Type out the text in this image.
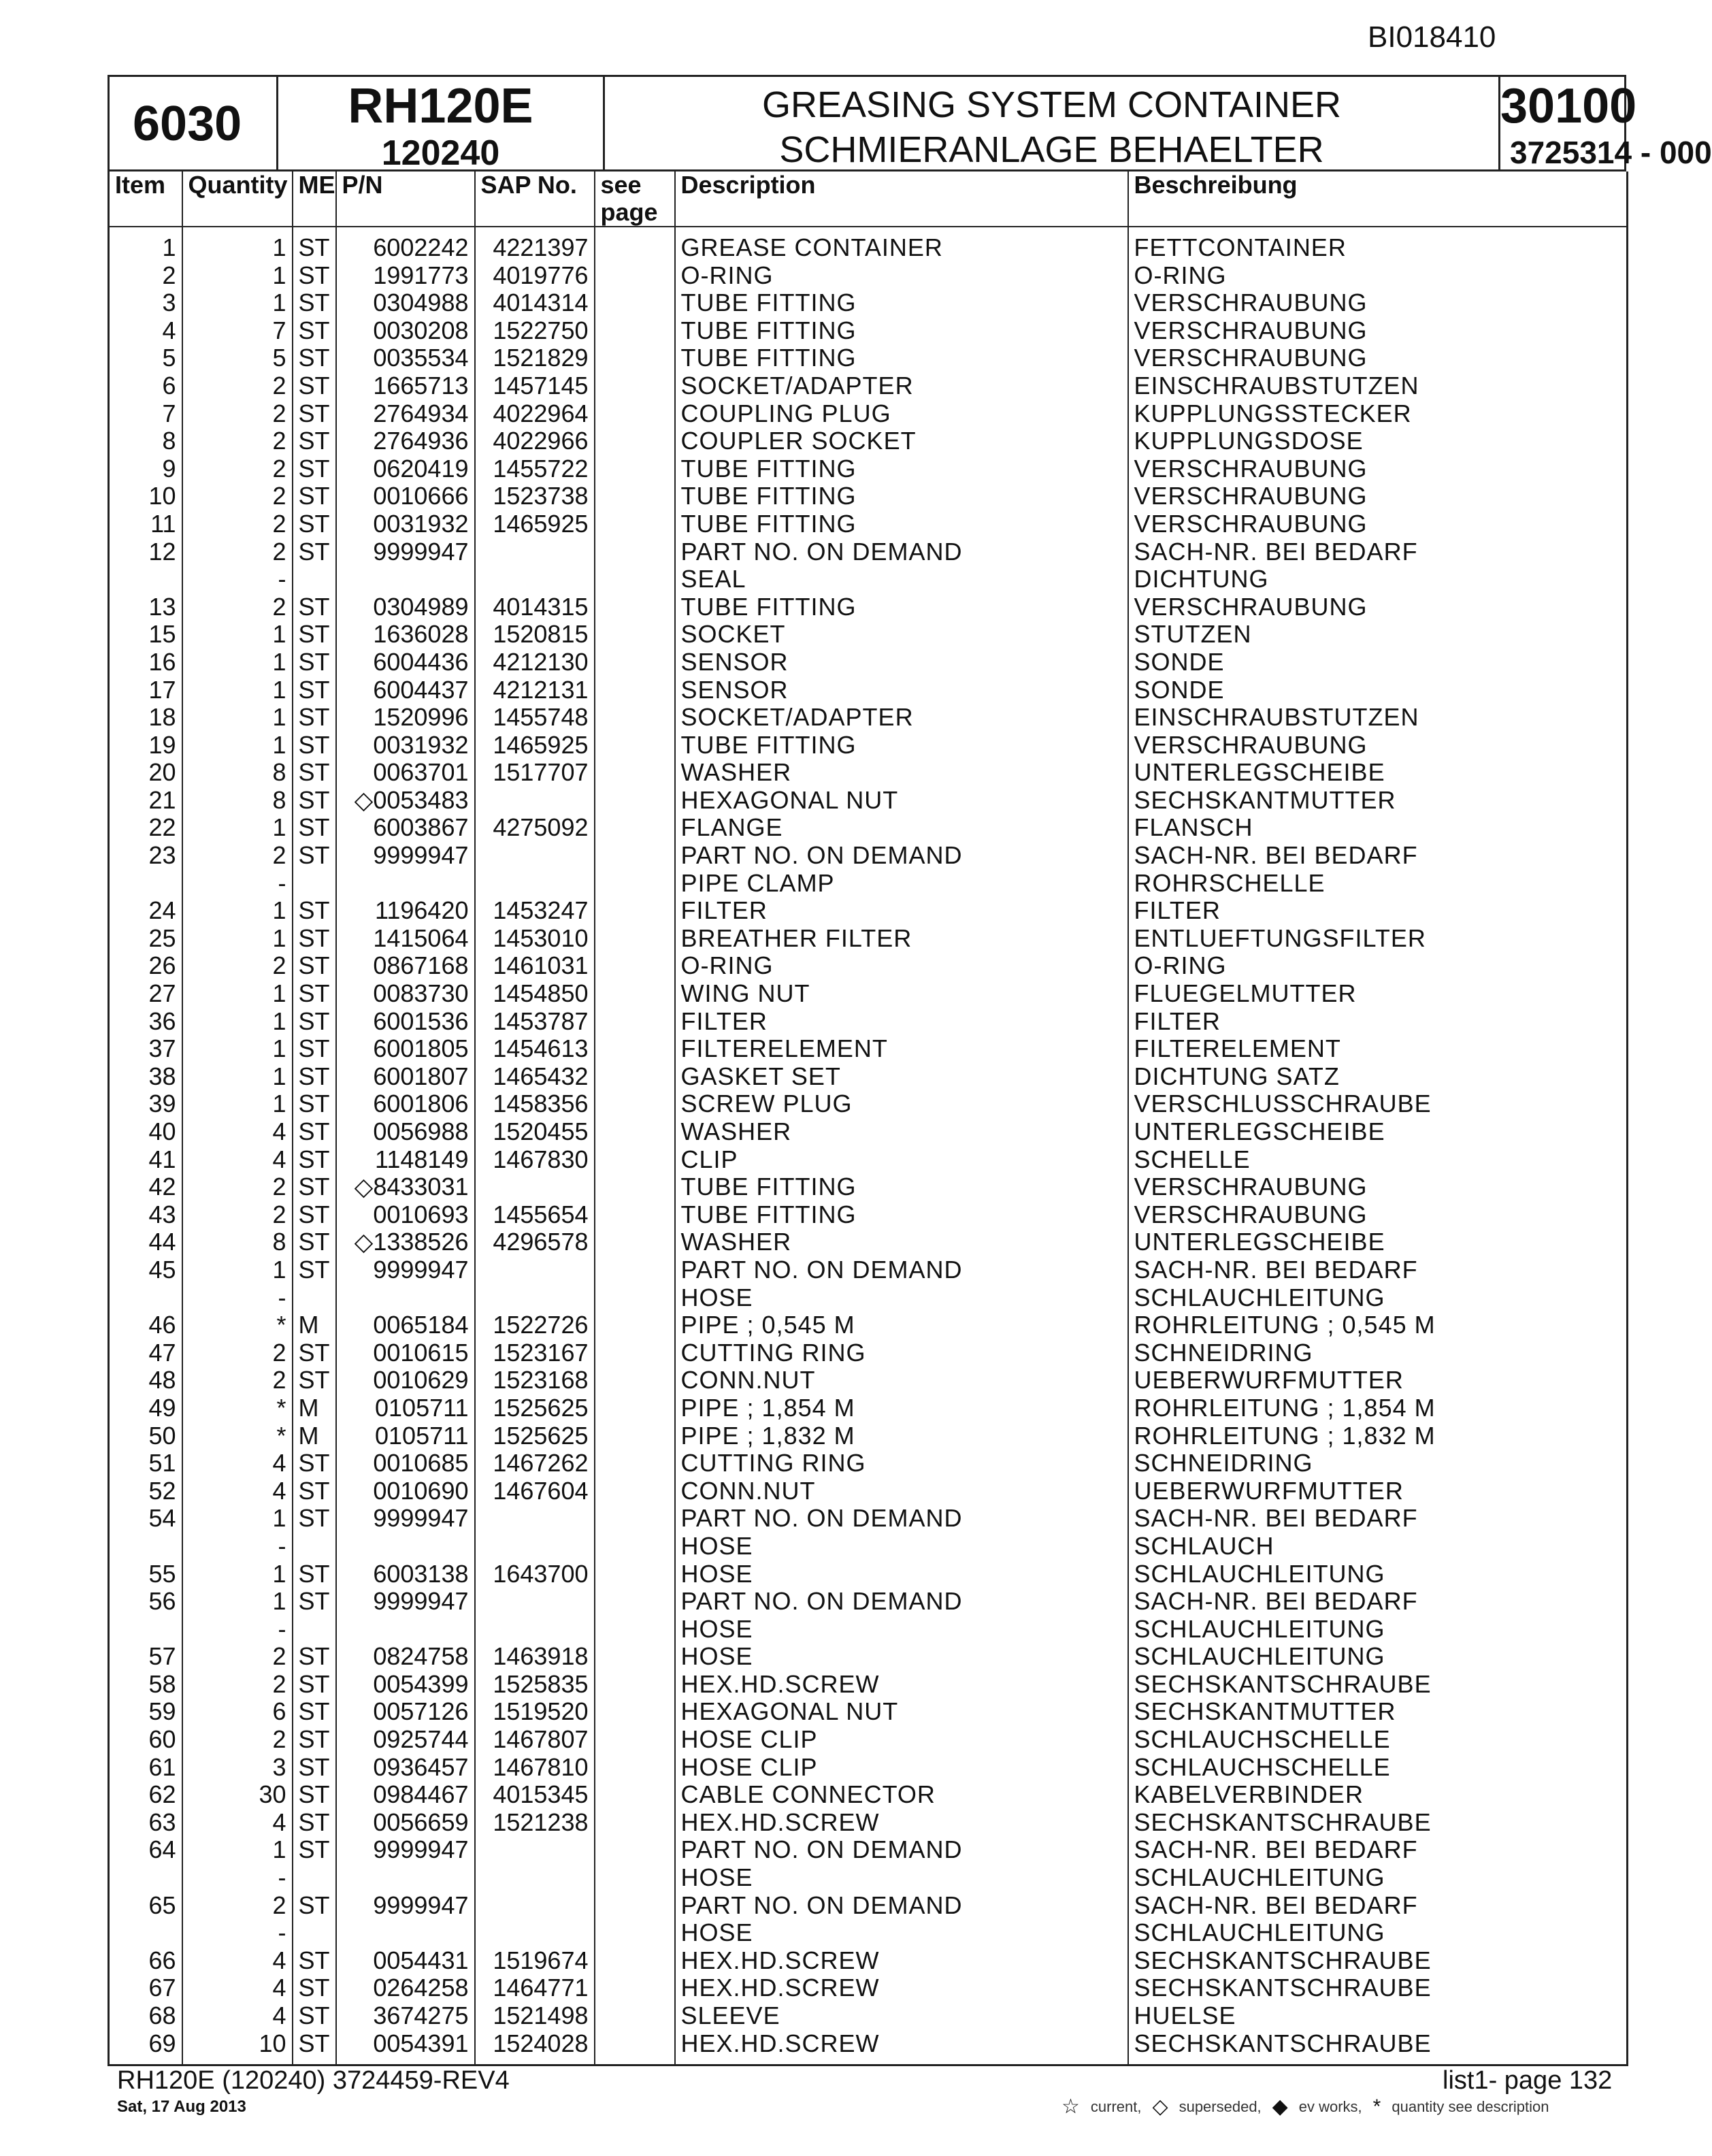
BI018410
6030	RH120E
120240
GREASING SYSTEM CONTAINER
SCHMIERANLAGE BEHAELTER
30100
3725314 - 000
Item	Quantity	ME	P/N	SAP No.	see page	Description	Beschreibung
1	1	ST	6002242	4221397		GREASE CONTAINER	FETTCONTAINER
2	1	ST	1991773	4019776		O-RING	O-RING
3	1	ST	0304988	4014314		TUBE FITTING	VERSCHRAUBUNG
4	7	ST	0030208	1522750		TUBE FITTING	VERSCHRAUBUNG
5	5	ST	0035534	1521829		TUBE FITTING	VERSCHRAUBUNG
6	2	ST	1665713	1457145		SOCKET/ADAPTER	EINSCHRAUBSTUTZEN
7	2	ST	2764934	4022964		COUPLING PLUG	KUPPLUNGSSTECKER
8	2	ST	2764936	4022966		COUPLER SOCKET	KUPPLUNGSDOSE
9	2	ST	0620419	1455722		TUBE FITTING	VERSCHRAUBUNG
10	2	ST	0010666	1523738		TUBE FITTING	VERSCHRAUBUNG
11	2	ST	0031932	1465925		TUBE FITTING	VERSCHRAUBUNG
12	2	ST	9999947			PART NO. ON DEMAND	SACH-NR. BEI BEDARF
	-					SEAL	DICHTUNG
13	2	ST	0304989	4014315		TUBE FITTING	VERSCHRAUBUNG
15	1	ST	1636028	1520815		SOCKET	STUTZEN
16	1	ST	6004436	4212130		SENSOR	SONDE
17	1	ST	6004437	4212131		SENSOR	SONDE
18	1	ST	1520996	1455748		SOCKET/ADAPTER	EINSCHRAUBSTUTZEN
19	1	ST	0031932	1465925		TUBE FITTING	VERSCHRAUBUNG
20	8	ST	0063701	1517707		WASHER	UNTERLEGSCHEIBE
21	8	ST	◇0053483			HEXAGONAL NUT	SECHSKANTMUTTER
22	1	ST	6003867	4275092		FLANGE	FLANSCH
23	2	ST	9999947			PART NO. ON DEMAND	SACH-NR. BEI BEDARF
	-					PIPE CLAMP	ROHRSCHELLE
24	1	ST	1196420	1453247		FILTER	FILTER
25	1	ST	1415064	1453010		BREATHER FILTER	ENTLUEFTUNGSFILTER
26	2	ST	0867168	1461031		O-RING	O-RING
27	1	ST	0083730	1454850		WING NUT	FLUEGELMUTTER
36	1	ST	6001536	1453787		FILTER	FILTER
37	1	ST	6001805	1454613		FILTERELEMENT	FILTERELEMENT
38	1	ST	6001807	1465432		GASKET SET	DICHTUNG SATZ
39	1	ST	6001806	1458356		SCREW PLUG	VERSCHLUSSCHRAUBE
40	4	ST	0056988	1520455		WASHER	UNTERLEGSCHEIBE
41	4	ST	1148149	1467830		CLIP	SCHELLE
42	2	ST	◇8433031			TUBE FITTING	VERSCHRAUBUNG
43	2	ST	0010693	1455654		TUBE FITTING	VERSCHRAUBUNG
44	8	ST	◇1338526	4296578		WASHER	UNTERLEGSCHEIBE
45	1	ST	9999947			PART NO. ON DEMAND	SACH-NR. BEI BEDARF
	-					HOSE	SCHLAUCHLEITUNG
46	*	M	0065184	1522726		PIPE ; 0,545 M	ROHRLEITUNG ; 0,545 M
47	2	ST	0010615	1523167		CUTTING RING	SCHNEIDRING
48	2	ST	0010629	1523168		CONN.NUT	UEBERWURFMUTTER
49	*	M	0105711	1525625		PIPE ; 1,854 M	ROHRLEITUNG ; 1,854 M
50	*	M	0105711	1525625		PIPE ; 1,832 M	ROHRLEITUNG ; 1,832 M
51	4	ST	0010685	1467262		CUTTING RING	SCHNEIDRING
52	4	ST	0010690	1467604		CONN.NUT	UEBERWURFMUTTER
54	1	ST	9999947			PART NO. ON DEMAND	SACH-NR. BEI BEDARF
	-					HOSE	SCHLAUCH
55	1	ST	6003138	1643700		HOSE	SCHLAUCHLEITUNG
56	1	ST	9999947			PART NO. ON DEMAND	SACH-NR. BEI BEDARF
	-					HOSE	SCHLAUCHLEITUNG
57	2	ST	0824758	1463918		HOSE	SCHLAUCHLEITUNG
58	2	ST	0054399	1525835		HEX.HD.SCREW	SECHSKANTSCHRAUBE
59	6	ST	0057126	1519520		HEXAGONAL NUT	SECHSKANTMUTTER
60	2	ST	0925744	1467807		HOSE CLIP	SCHLAUCHSCHELLE
61	3	ST	0936457	1467810		HOSE CLIP	SCHLAUCHSCHELLE
62	30	ST	0984467	4015345		CABLE CONNECTOR	KABELVERBINDER
63	4	ST	0056659	1521238		HEX.HD.SCREW	SECHSKANTSCHRAUBE
64	1	ST	9999947			PART NO. ON DEMAND	SACH-NR. BEI BEDARF
	-					HOSE	SCHLAUCHLEITUNG
65	2	ST	9999947			PART NO. ON DEMAND	SACH-NR. BEI BEDARF
	-					HOSE	SCHLAUCHLEITUNG
66	4	ST	0054431	1519674		HEX.HD.SCREW	SECHSKANTSCHRAUBE
67	4	ST	0264258	1464771		HEX.HD.SCREW	SECHSKANTSCHRAUBE
68	4	ST	3674275	1521498		SLEEVE	HUELSE
69	10	ST	0054391	1524028		HEX.HD.SCREW	SECHSKANTSCHRAUBE
RH120E (120240) 3724459-REV4
Sat, 17 Aug 2013
list1- page 132
☆ current, ◇ superseded, ◆ ev works, * quantity see description
